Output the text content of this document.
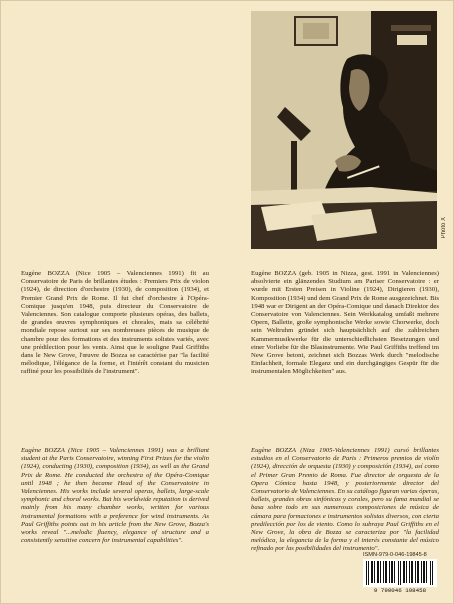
Photo X

Eugène BOZZA (Nice 1905 – Valenciennes 1991) fit au Conservatoire de Paris de brillantes études : Premiers Prix de violon (1924), de direction d'orchestre (1930), de composition (1934), et Premier Grand Prix de Rome. Il fut chef d'orchestre à l'Opéra-Comique jusqu'en 1948, puis directeur du Conservatoire de Valenciennes. Son catalogue comporte plusieurs opéras, des ballets, de grandes œuvres symphoniques et chorales, mais sa célébrité mondiale repose surtout sur ses nombreuses pièces de musique de chambre pour des formations et des instruments solistes variés, avec une prédilection pour les vents. Ainsi que le souligne Paul Griffiths dans le New Grove, l'œuvre de Bozza se caractérise par "la facilité mélodique, l'élégance de la forme, et l'intérêt constant du musicien raffiné pour les possibilités de l'instrument".

Eugène BOZZA (geb. 1905 in Nizza, gest. 1991 in Valenciennes) absolvierte ein glänzendes Studium am Pariser Conservatoire : er wurde mit Ersten Preisen in Violine (1924), Dirigieren (1930), Komposition (1934) und dem Grand Prix de Rome ausgezeichnet. Bis 1948 war er Dirigent an der Opéra-Comique und danach Direktor des Conservatoire von Valenciennes. Sein Werkkatalog umfaßt mehrere Opern, Ballette, große symphonische Werke sowie Chorwerke, doch sein Weltruhm gründet sich hauptsächlich auf die zahlreichen Kammermusikwerke für die unterschiedlichsten Besetzungen und einer Vorliebe für die Blasinstrumente. Wie Paul Griffiths treffend im New Grove betont, zeichnet sich Bozzas Werk durch "melodische Einfachheit, formale Eleganz und ein durchgängiges Gespür für die instrumentalen Möglichkeiten" aus.

Eugène BOZZA (Nice 1905 – Valenciennes 1991) was a brilliant student at the Paris Conservatoire, winning First Prizes for the violin (1924), conducting (1930), composition (1934), as well as the Grand Prix de Rome. He conducted the orchestra of the Opéra-Comique until 1948 ; he then became Head of the Conservatoire in Valenciennes. His works include several operas, ballets, large-scale symphonic and choral works. But his worldwide reputation is derived mainly from his many chamber works, written for various instrumental formations with a preference for wind instruments. As Paul Griffiths points out in his article from the New Grove, Bozza's works reveal "...melodic fluency, elegance of structure and a consistently sensitive concern for instrumental capabilities".

Eugène BOZZA (Niza 1905-Valenciennes 1991) cursó brillantes estudios en el Conservatorio de Paris : Primeros premios de violín (1924), dirección de orquesta (1930) y composición (1934), así como el Primer Gran Premio de Roma. Fue director de orquesta de la Opera Cómica hasta 1948, y posteriormente director del Conservatorio de Valenciennes. En su catálogo figuran varias óperas, ballets, grandes obras sinfónicas y corales, pero su fama mundial se basa sobre todo en sus numerosas composiciones de música de cámara para formaciones e instrumentos solistas diversos, con cierta predilección por los de viento. Como lo subraya Paul Griffiths en el New Grove, la obra de Bozza se caracteriza por "la facilidad melódica, la elegancia de la forma y el interés constante del músico refinado por las posibilidades del instrumento".

ISMN-979-0-046-19845-8
9 790046 198458
